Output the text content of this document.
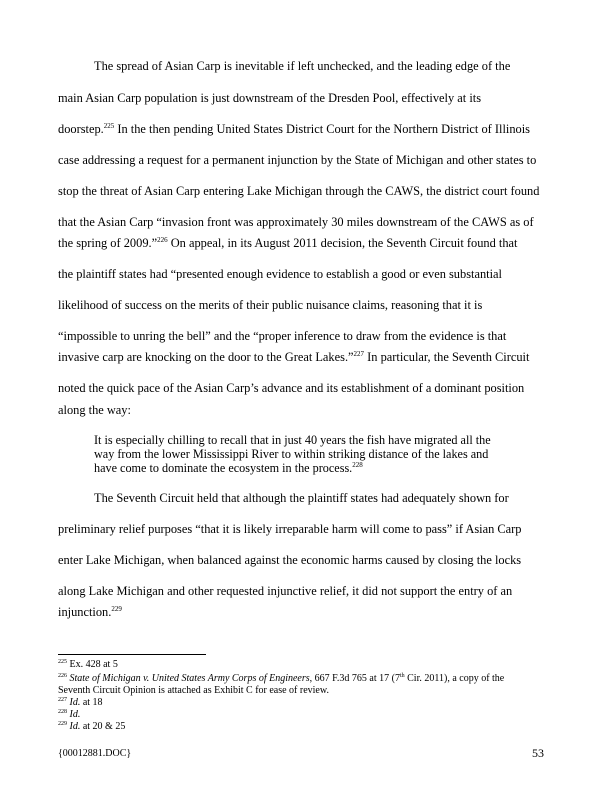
The spread of Asian Carp is inevitable if left unchecked, and the leading edge of the
main Asian Carp population is just downstream of the Dresden Pool, effectively at its
doorstep.$^{225}$ In the then pending United States District Court for the Northern District of Illinois
case addressing a request for a permanent injunction by the State of Michigan and other states to
stop the threat of Asian Carp entering Lake Michigan through the CAWS, the district court found
that the Asian Carp “invasion front was approximately 30 miles downstream of the CAWS as of
the spring of 2009.”$^{226}$ On appeal, in its August 2011 decision, the Seventh Circuit found that
the plaintiff states had “presented enough evidence to establish a good or even substantial
likelihood of success on the merits of their public nuisance claims, reasoning that it is
“impossible to unring the bell” and the “proper inference to draw from the evidence is that
invasive carp are knocking on the door to the Great Lakes.”$^{227}$ In particular, the Seventh Circuit
noted the quick pace of the Asian Carp’s advance and its establishment of a dominant position
along the way:
It is especially chilling to recall that in just 40 years the fish have migrated all the
way from the lower Mississippi River to within striking distance of the lakes and
have come to dominate the ecosystem in the process.$^{228}$
The Seventh Circuit held that although the plaintiff states had adequately shown for
preliminary relief purposes “that it is likely irreparable harm will come to pass” if Asian Carp
enter Lake Michigan, when balanced against the economic harms caused by closing the locks
along Lake Michigan and other requested injunctive relief, it did not support the entry of an
injunction.$^{229}$
$^{225}$ Ex. 428 at 5
$^{226}$ State of Michigan v. United States Army Corps of Engineers, 667 F.3d 765 at 17 (7th Cir. 2011), a copy of the
Seventh Circuit Opinion is attached as Exhibit C for ease of review.
$^{227}$ Id. at 18
$^{228}$ Id.
$^{229}$ Id. at 20 & 25
{00012881.DOC}	53
